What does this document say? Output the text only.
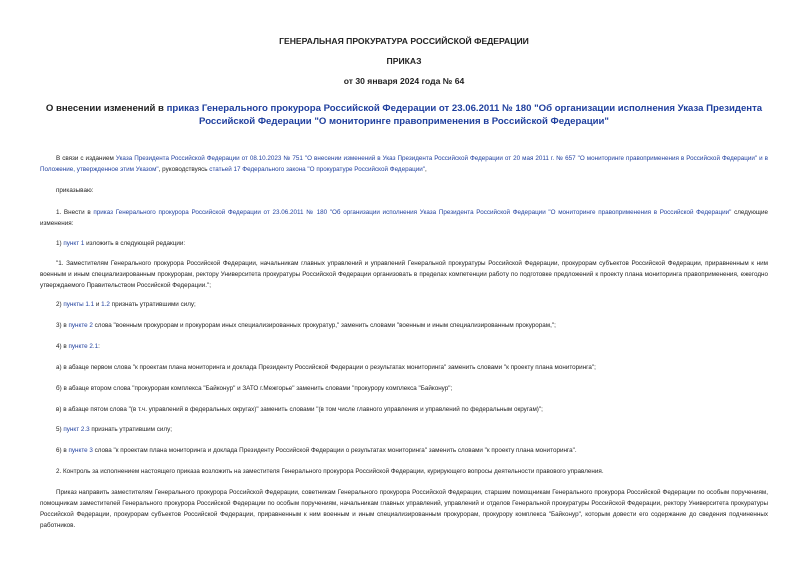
ГЕНЕРАЛЬНАЯ ПРОКУРАТУРА РОССИЙСКОЙ ФЕДЕРАЦИИ
ПРИКАЗ
от 30 января 2024 года № 64
О внесении изменений в приказ Генерального прокурора Российской Федерации от 23.06.2011 № 180 "Об организации исполнения Указа Президента Российской Федерации "О мониторинге правоприменения в Российской Федерации"
В связи с изданием Указа Президента Российской Федерации от 08.10.2023 № 751 "О внесении изменений в Указ Президента Российской Федерации от 20 мая 2011 г. № 657 "О мониторинге правоприменения в Российской Федерации" и в Положение, утвержденное этим Указом", руководствуясь статьей 17 Федерального закона "О прокуратуре Российской Федерации",
приказываю:
1. Внести в приказ Генерального прокурора Российской Федерации от 23.06.2011 № 180 "Об организации исполнения Указа Президента Российской Федерации "О мониторинге правоприменения в Российской Федерации" следующие изменения:
1) пункт 1 изложить в следующей редакции:
"1. Заместителям Генерального прокурора Российской Федерации, начальникам главных управлений и управлений Генеральной прокуратуры Российской Федерации, прокурорам субъектов Российской Федерации, приравненным к ним военным и иным специализированным прокурорам, ректору Университета прокуратуры Российской Федерации организовать в пределах компетенции работу по подготовке предложений к проекту плана мониторинга правоприменения, ежегодно утверждаемого Правительством Российской Федерации.";
2) пункты 1.1 и 1.2 признать утратившими силу;
3) в пункте 2 слова "военным прокурорам и прокурорам иных специализированных прокуратур," заменить словами "военным и иным специализированным прокурорам,";
4) в пункте 2.1:
а) в абзаце первом слова "к проектам плана мониторинга и доклада Президенту Российской Федерации о результатах мониторинга" заменить словами "к проекту плана мониторинга";
б) в абзаце втором слова "прокурорам комплекса "Байконур" и ЗАТО г.Межгорье" заменить словами "прокурору комплекса "Байконур";
в) в абзаце пятом слова "(в т.ч. управлений в федеральных округах)" заменить словами "(в том числе главного управления и управлений по федеральным округам)";
5) пункт 2.3 признать утратившим силу;
6) в пункте 3 слова "к проектам плана мониторинга и доклада Президенту Российской Федерации о результатах мониторинга" заменить словами "к проекту плана мониторинга".
2. Контроль за исполнением настоящего приказа возложить на заместителя Генерального прокурора Российской Федерации, курирующего вопросы деятельности правового управления.
Приказ направить заместителям Генерального прокурора Российской Федерации, советникам Генерального прокурора Российской Федерации, старшим помощникам Генерального прокурора Российской Федерации по особым поручениям, помощникам заместителей Генерального прокурора Российской Федерации по особым поручениям, начальникам главных управлений, управлений и отделов Генеральной прокуратуры Российской Федерации, ректору Университета прокуратуры Российской Федерации, прокурорам субъектов Российской Федерации, приравненным к ним военным и иным специализированным прокурорам, прокурору комплекса "Байконур", которым довести его содержание до сведения подчиненных работников.
